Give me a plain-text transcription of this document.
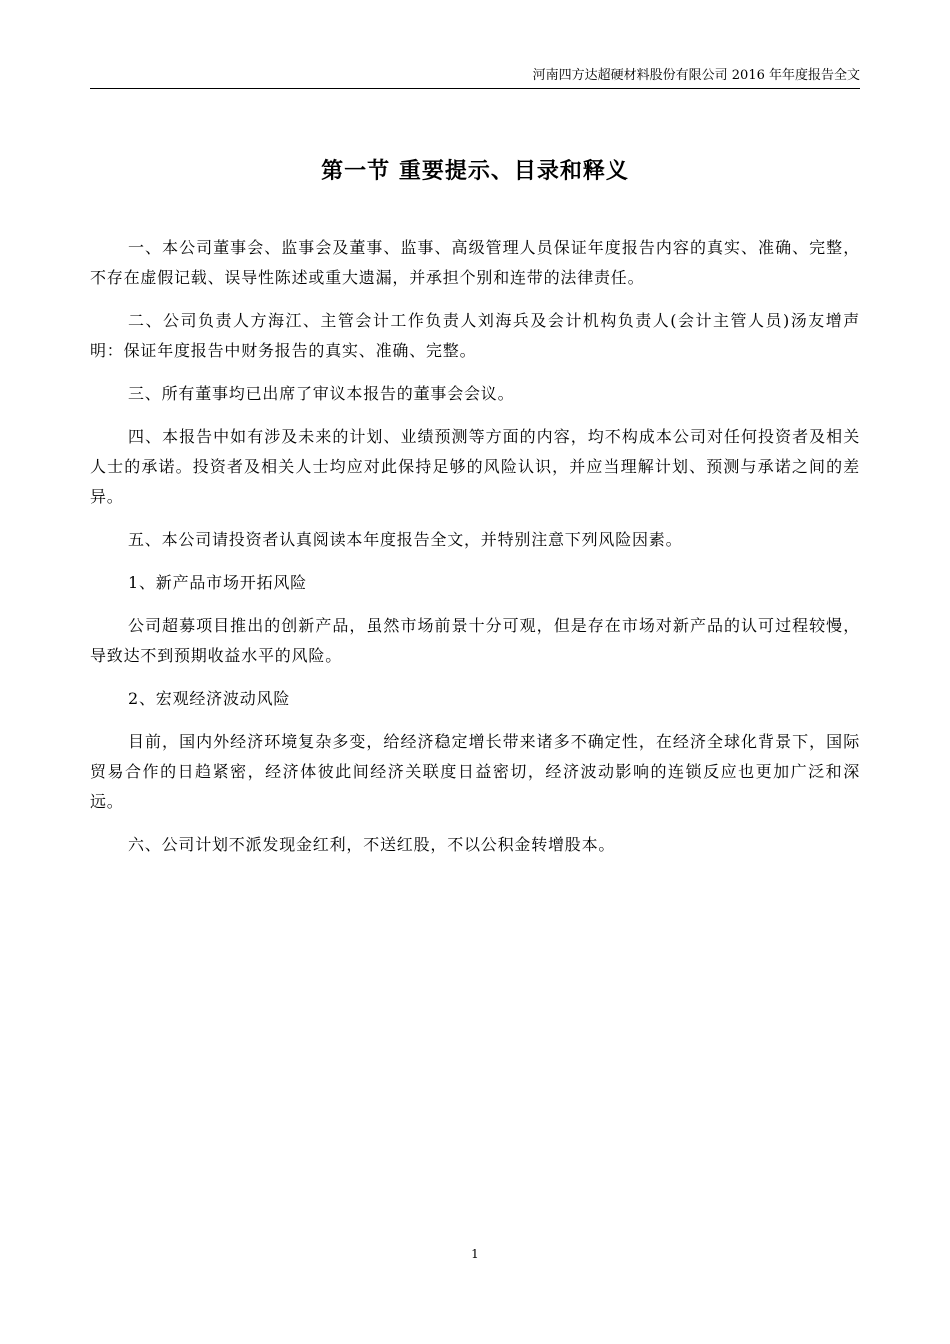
河南四方达超硬材料股份有限公司 2016 年年度报告全文
第一节 重要提示、目录和释义

一、本公司董事会、监事会及董事、监事、高级管理人员保证年度报告内容的真实、准确、完整，不存在虚假记载、误导性陈述或重大遗漏，并承担个别和连带的法律责任。

二、公司负责人方海江、主管会计工作负责人刘海兵及会计机构负责人(会计主管人员)汤友增声明：保证年度报告中财务报告的真实、准确、完整。

三、所有董事均已出席了审议本报告的董事会会议。

四、本报告中如有涉及未来的计划、业绩预测等方面的内容，均不构成本公司对任何投资者及相关人士的承诺。投资者及相关人士均应对此保持足够的风险认识，并应当理解计划、预测与承诺之间的差异。

五、本公司请投资者认真阅读本年度报告全文，并特别注意下列风险因素。

1、新产品市场开拓风险

公司超募项目推出的创新产品，虽然市场前景十分可观，但是存在市场对新产品的认可过程较慢，导致达不到预期收益水平的风险。

2、宏观经济波动风险

目前，国内外经济环境复杂多变，给经济稳定增长带来诸多不确定性，在经济全球化背景下，国际贸易合作的日趋紧密，经济体彼此间经济关联度日益密切，经济波动影响的连锁反应也更加广泛和深远。

六、公司计划不派发现金红利，不送红股，不以公积金转增股本。

1
